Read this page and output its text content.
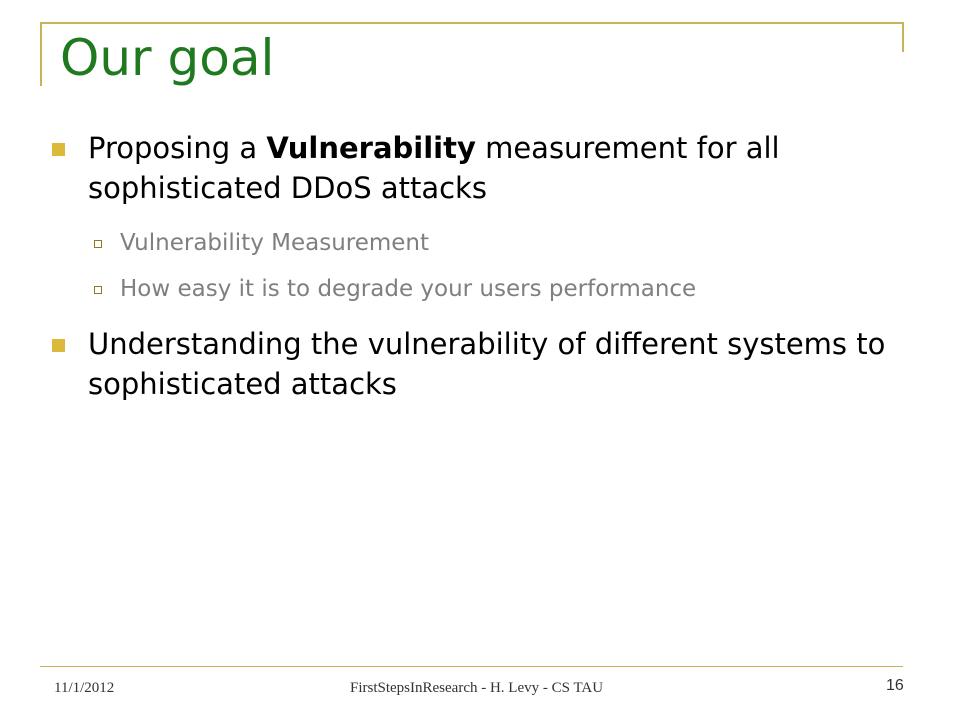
Our goal
Proposing a Vulnerability measurement for all sophisticated DDoS attacks
Vulnerability Measurement
How easy it is to degrade your users performance
Understanding the vulnerability of different systems to sophisticated attacks
11/1/2012	FirstStepsInResearch - H. Levy - CS TAU	16
